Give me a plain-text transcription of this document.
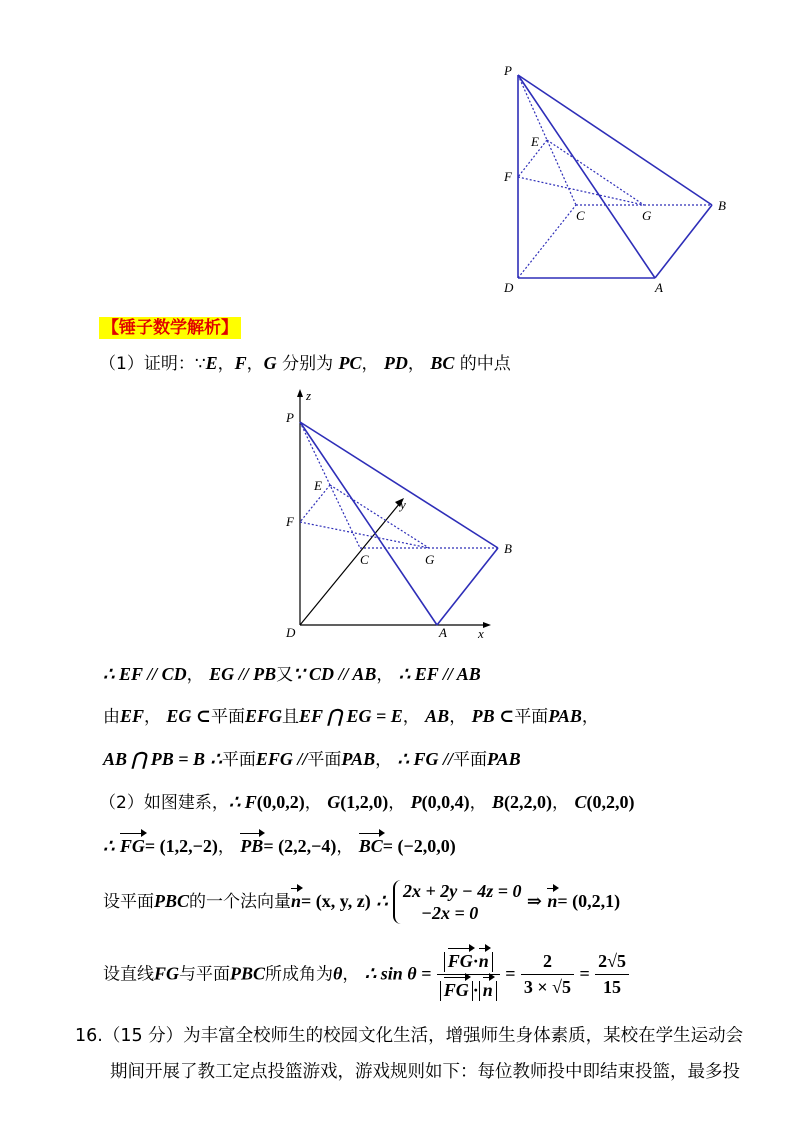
P
E
F
C	G
B
D	A
【锤子数学解析】
（1）证明：∵E，F，G 分别为 PC， PD， BC 的中点
z
P
E
y
F
C	G
B
D	A x
∴ EF // CD， EG // PB又∵ CD // AB， ∴ EF // AB
由EF， EG ⊂平面EFG且EF ⋂ EG = E， AB， PB ⊂平面PAB，
AB ⋂ PB = B ∴平面EFG //平面PAB， ∴ FG //平面PAB
（2）如图建系，∴ F(0,0,2)， G(1,2,0)， P(0,0,4)， B(2,2,0)， C(0,2,0)
∴ FG= (1,2,−2)， PB= (2,2,−4)， BC= (−2,0,0)
设平面PBC的一个法向量n= (x, y, z) ∴ 2x + 2y − 4z = 0
−2x = 0
⇒ n= (0,2,1)
设直线FG与平面PBC所成角为θ， ∴ $\sin \theta = \frac{FG\cdot n}{FG \cdot n} = \frac{2}{3 \times √5} = \frac{2√5}{15}$
16.（15 分）为丰富全校师生的校园文化生活，增强师生身体素质，某校在学生运动会
期间开展了教工定点投篮游戏，游戏规则如下：每位教师投中即结束投篮，最多投
